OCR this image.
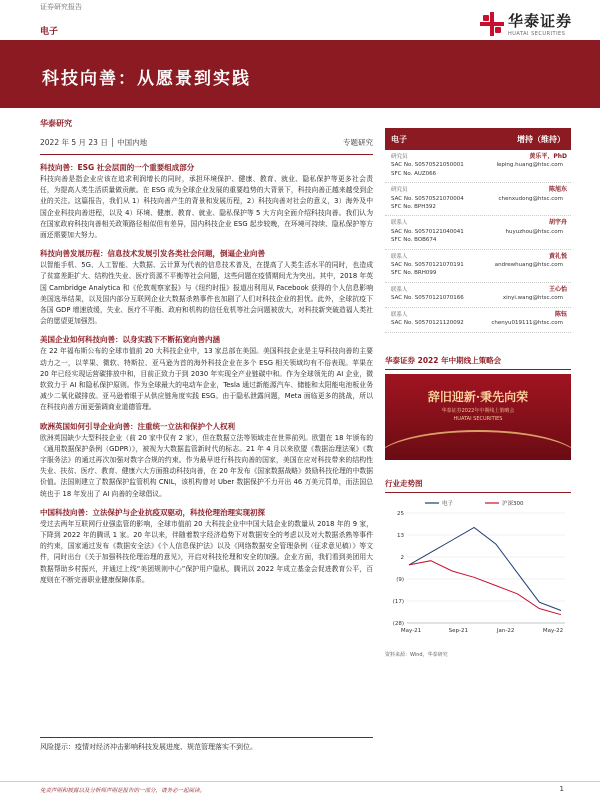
证券研究报告
电子
华泰证券
HUATAI SECURITIES
科技向善：从愿景到实践
华泰研究
2022 年 5 月 23 日 │ 中国内地	专题研究
科技向善：ESG 社会层面的一个重要组成部分

科技向善是指企业应该在追求利润增长的同时，承担环境保护、健康、教育、就业、隐私保护等更多社会责任，为提高人类生活质量做贡献。在 ESG 成为全球企业发展的重要趋势的大背景下，科技向善正越来越受到企业的关注。这篇报告，我们从 1）科技向善产生的背景和发展历程，2）科技向善对社会的意义，3）海外及中国企业科技向善进程，以及 4）环境、健康、教育、就业、隐私保护等 5 大方向全面介绍科技向善。我们认为在国家政府科技向善相关政策路径相似但有差异，国内科技企业 ESG 起步较晚，在环境可持续、隐私保护等方面还需要加大努力。

科技向善发展历程：信息技术发展引发各类社会问题，倒逼企业向善

以智能手机、5G、人工智能、大数据、云计算为代表的信息技术普及，在提高了人类生活水平的同时，也造成了贫富差距扩大、结构性失业、医疗资源不平衡等社会问题，这些问题在疫情期间尤为突出。其中，2018 年英国 Cambridge Analytica 和《伦敦观察家报》与《纽约时报》报道出利用从 Facebook 获得的个人信息影响美国选举结果，以及国内部分互联网企业大数据杀熟事件也加剧了人们对科技企业的担忧。此外，全球抗疫下各国 GDP 增速放缓，失业、医疗不平衡、政府和机构的信任危机等社会问题被放大，对科技新突破造福人类社会的愿望更加强烈。

美国企业如何科技向善：以身实践下不断拓宽向善内涵

在 22 年福布斯公布的全球市值前 20 大科技企业中，13 家总部在美国。美国科技企业是主导科技向善的主要动力之一，以苹果、微软、特斯拉、亚马逊为首的海外科技企业在多个 ESG 相关领域均有不俗表现。苹果在 20 年已经实现运营碳排放中和，目前正致力于到 2030 年实现全产业链碳中和。作为全球领先的 AI 企业，微软致力于 AI 和隐私保护原则。作为全球最大的电动车企业，Tesla 通过新能源汽车、储能和太阳能电池板业务减少二氧化碳排放。亚马逊着眼于从供应链角度实践 ESG。由于隐私泄露问题，Meta 面临更多的挑战，所以在科技向善方面更强调商业道德管理。

欧洲英国如何引导企业向善：注重统一立法和保护个人权利

欧洲英国缺少大型科技企业（前 20 家中仅有 2 家），但在数据立法等领域走在世界前列。欧盟在 18 年颁布的《通用数据保护条例（GDPR）》，被视为大数据监管新时代的标志。21 年 4 月以来欧盟《数据治理法案》《数字服务法》的通过再次加强对数字合规的约束。作为最早进行科技向善的国家，美国在应对科技带来的结构性失业、扶贫、医疗、教育、健康六大方面推动科技向善，在 20 年发布《国家数据战略》鼓励科技伦理的中数据价值。法国则建立了数据保护监管机构 CNIL，该机构曾对 Uber 数据保护不力开出 46 万美元罚单，而法国总统也于 18 年发出了 AI 向善的全球倡议。

中国科技向善：立法保护与企业抗疫双驱动，科技伦理治理实现初探

受过去两年互联网行业强监管的影响，全球市值前 20 大科技企业中中国大陆企业的数量从 2018 年的 9 家，下降到 2022 年的腾讯 1 家。20 年以来，伴随着数字经济趋势下对数据安全的考虑以及对大数据杀熟等事件的约束，国家通过发布《数据安全法》《个人信息保护法》以及《网络数据安全管理条例（征求意见稿）》等文件，同时出台《关于加强科技伦理治理的意见》，开启对科技伦理和安全的加强。企业方面，我们看到美团用大数据帮助乡村振兴，并通过上线“美团规则中心”保护用户隐私，腾讯以 2022 年成立基金会促进教育公平，百度则在不断完善职业健康保障体系。

风险提示：疫情对经济冲击影响科技发展进度、规范管理落实不到位。
电子	增持（维持）
研究员	黄乐平，PhD
SAC No. S0570521050001	leping.huang@htsc.com
SFC No. AUZ066
研究员	陈旭东
SAC No. S0570521070004	chenxudong@htsc.com
SFC No. BPH392
联系人	胡宇舟
SAC No. S0570121040041	huyuzhou@htsc.com
SFC No. BOB674
联系人	黄礼悦
SAC No. S0570121070191	andrewhuang@htsc.com
SFC No. BRH099
联系人	王心怡
SAC No. S0570121070166	xinyi.wang@htsc.com
联系人	陈钰
SAC No. S0570121120092	chenyu019111@htsc.com
华泰证券 2022 年中期线上策略会
辞旧迎新·秉先向荣
华泰证券2022年中期线上策略会
HUATAI SECURITIES
行业走势图
电子	沪深300
25
13
2
(9)
(17)
(28)
May-21	Sep-21	Jan-22	May-22
资料来源：Wind，华泰研究
免责声明和披露以及分析师声明是报告的一部分，请务必一起阅读。	1
